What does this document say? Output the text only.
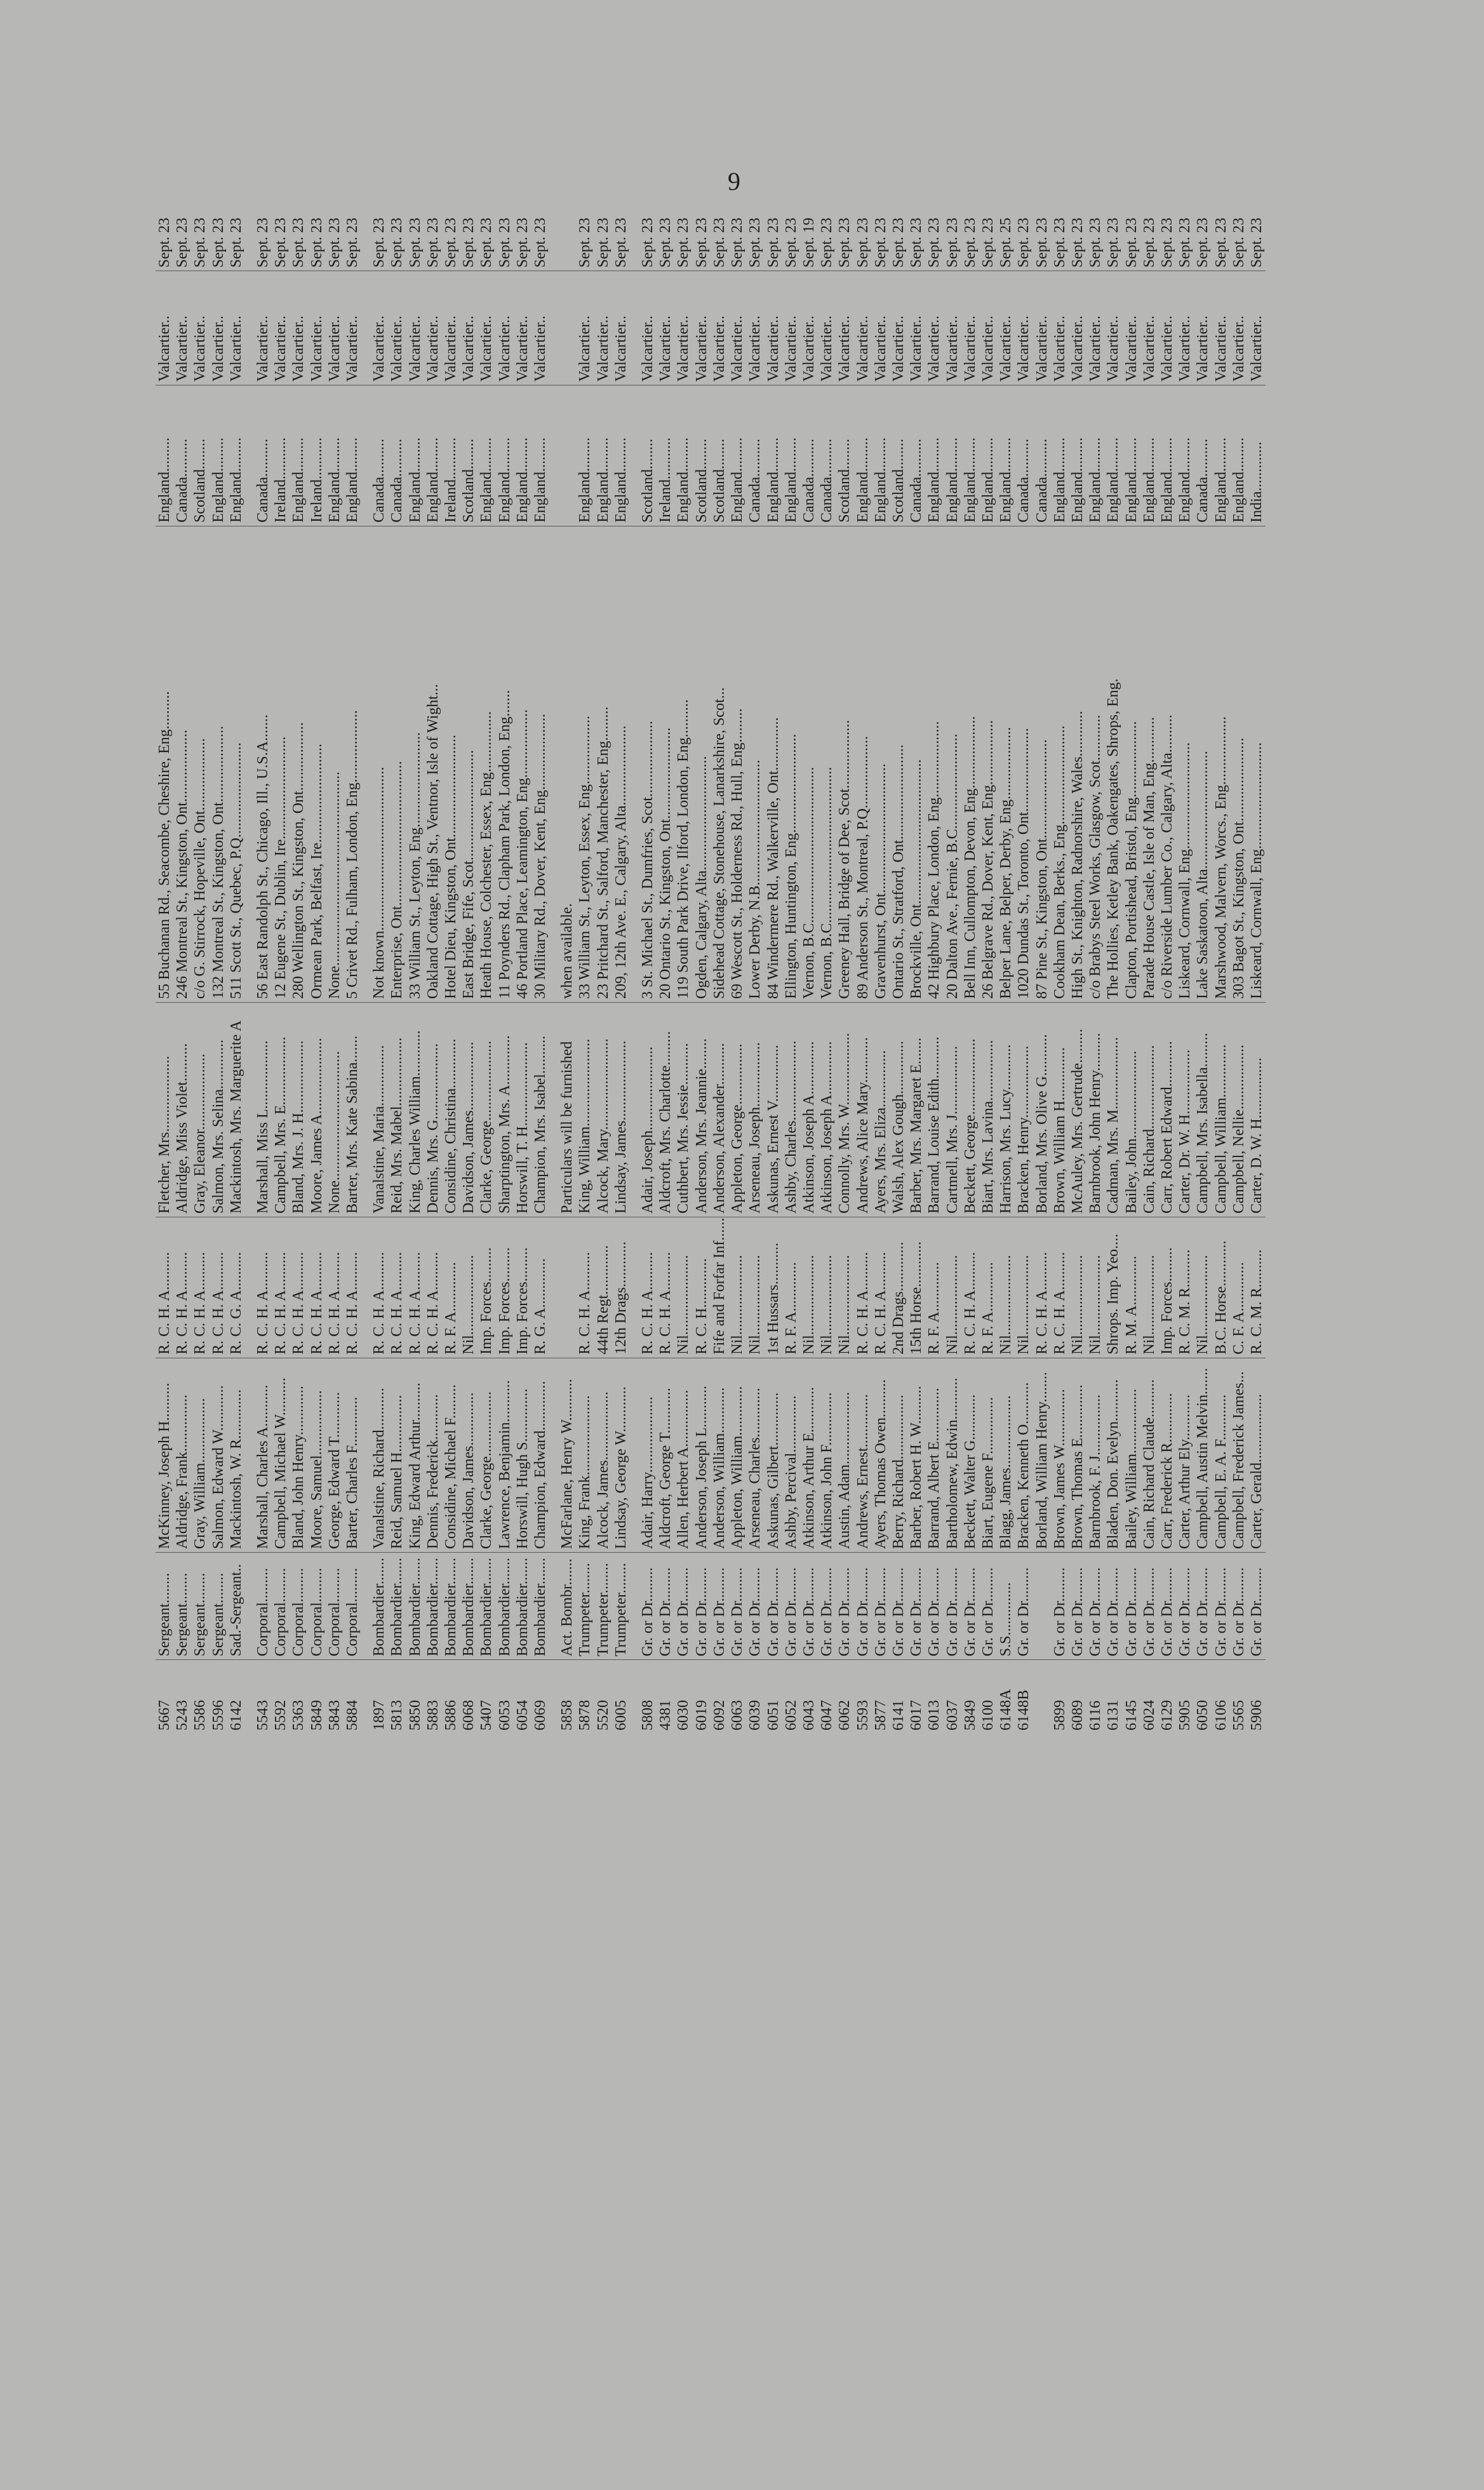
9
5667	Sergeant........	McKinney, Joseph H..........	R. C. H. A..........	Fletcher, Mrs....................	55 Buchanan Rd., Seacombe, Cheshire, Eng..........	England.........	Valcartier..	Sept. 23
5243	Sergeant........	Aldridge, Frank...............	R. C. H. A..........	Aldridge, Miss Violet..........	246 Montreal St., Kingston, Ont...................	Canada..........	Valcartier..	Sept. 23
5586	Sergeant........	Gray, William.................	R. C. H. A..........	Gray, Eleanor....................	c/o G. Stirrock, Hopeville, Ont...................	Scotland........	Valcartier..	Sept. 23
5596	Sergeant........	Salmon, Edward W............	R. C. H. A..........	Salmon, Mrs. Selina.............	132 Montreal St., Kingston, Ont....................	England.........	Valcartier..	Sept. 23
6142	Sad.-Sergeant..	Mackintosh, W. R.............	R. C. G. A..........	Mackintosh, Mrs. Marguerite A	511 Scott St., Quebec, P.Q.........................	England.........	Valcartier..	Sept. 23
5543	Corporal.........	Marshall, Charles A...........	R. C. H. A..........	Marshall, Miss L..................	56 East Randolph St., Chicago, Ill., U.S.A.......	Canada..........	Valcartier..	Sept. 23
5592	Corporal.........	Campbell, Michael W..........	R. C. H. A..........	Campbell, Mrs. E..................	12 Eugene St., Dublin, Ire...........................	Ireland...........	Valcartier..	Sept. 23
5363	Corporal.........	Bland, John Henry.............	R. C. H. A..........	Bland, Mrs. J. H...................	280 Wellington St., Kingston, Ont..................	England.........	Valcartier..	Sept. 23
5849	Corporal.........	Moore, Samuel.................	R. C. H. A..........	Moore, James A....................	Ormean Park, Belfast, Ire..........................	Ireland...........	Valcartier..	Sept. 23
5843	Corporal.........	George, Edward T............	R. C. H. A..........	None..................................	None...................................................	England.........	Valcartier..	Sept. 23
5884	Corporal.........	Barter, Charles F.............	R. C. H. A..........	Barter, Mrs. Kate Sabina.......	5 Crivet Rd., Fulham, London, Eng...................	England.........	Valcartier..	Sept. 23
1897	Bombardier.......	Vanalstine, Richard...........	R. C. H. A..........	Vanalstine, Maria................	Not known...........................................	Canada..........	Valcartier..	Sept. 23
5813	Bombardier.......	Reid, Samuel H...............	R. C. H. A..........	Reid, Mrs. Mabel..................	Enterprise, Ont......................................	Canada..........	Valcartier..	Sept. 23
5850	Bombardier.......	King, Edward Arthur..........	R. C. H. A..........	King, Charles William............	33 William St., Leyton, Eng.........................	England.........	Valcartier..	Sept. 23
5883	Bombardier.......	Dennis, Frederick............	R. C. H. A..........	Dennis, Mrs. G....................	Oakland Cottage, High St., Ventnor, Isle of Wight...	England.........	Valcartier..	Sept. 23
5886	Bombardier.......	Considine, Michael F.........	R. F. A.............	Considine, Christina.............	Hotel Dieu, Kingston, Ont...........................	Ireland...........	Valcartier..	Sept. 23
6068	Bombardier.......	Davidson, James..............	Nil.....................	Davidson, James..................	East Bridge, Fife, Scot.............................	Scotland........	Valcartier..	Sept. 23
5407	Bombardier.......	Clarke, George.................	Imp. Forces.........	Clarke, George.....................	Heath House, Colchester, Essex, Eng................	England.........	Valcartier..	Sept. 23
6053	Bombardier.......	Lawrence, Benjamin...........	Imp. Forces.........	Sharptington, Mrs. A.............	11 Poynders Rd., Clapham Park, London, Eng.......	England.........	Valcartier..	Sept. 23
6054	Bombardier.......	Horswill, Hugh S..............	Imp. Forces.........	Horswill, T. H......................	46 Portland Place, Leamington, Eng..................	England.........	Valcartier..	Sept. 23
6069	Bombardier.......	Champion, Edward.............	R. G. A.............	Champion, Mrs. Isabel..........	30 Military Rd., Dover, Kent, Eng....................	England.........	Valcartier..	Sept. 23
5858	Act. Bombr.......	McFarlane, Henry W...........		Particulars will be furnished	when available.			
5878	Trumpeter........	King, Frank.....................	R. C. H. A..........	King, William.......................	33 William St., Leyton, Essex, Eng..................	England.........	Valcartier..	Sept. 23
5520	Trumpeter........	Alcock, James..................	44th Regt.............	Alcock, Mary........................	23 Pritchard St., Salford, Manchester, Eng.........	England.........	Valcartier..	Sept. 23
6005	Trumpeter........	Lindsay, George W............	12th Drags............	Lindsay, James.....................	209, 12th Ave. E., Calgary, Alta.....................	England.........	Valcartier..	Sept. 23
5808	Gr. or Dr.........	Adair, Harry....................	R. C. H. A..........	Adair, Joseph......................	3 St. Michael St., Dumfries, Scot....................	Scotland........	Valcartier..	Sept. 23
4381	Gr. or Dr.........	Aldcroft, George T............	R. C. H. A..........	Aldcroft, Mrs. Charlotte.........	20 Ontario St., Kingston, Ont........................	Ireland...........	Valcartier..	Sept. 23
6030	Gr. or Dr.........	Allen, Herbert A...............	Nil.....................	Cuthbert, Mrs. Jessie...........	119 South Park Drive, Ilford, London, Eng..........	England.........	Valcartier..	Sept. 23
6019	Gr. or Dr.........	Anderson, Joseph L...........	R. C. H.............	Anderson, Mrs. Jeannie........	Ogden, Calgary, Alta..............................	Scotland........	Valcartier..	Sept. 23
6092	Gr. or Dr.........	Anderson, William............	Fife and Forfar Inf......	Anderson, Alexander...........	Sidehead Cottage, Stonehouse, Lanarkshire, Scot...	Scotland........	Valcartier..	Sept. 23
6063	Gr. or Dr.........	Appleton, William.............	Nil.....................	Appleton, George................	69 Wescott St., Holderness Rd., Hull, Eng.........	England.........	Valcartier..	Sept. 23
6039	Gr. or Dr.........	Arseneau, Charles.............	Nil.....................	Arseneau, Joseph.................	Lower Derby, N.B.................................	Canada..........	Valcartier..	Sept. 23
6051	Gr. or Dr.........	Askunas, Gilbert..............	1st Hussars...........	Askunas, Ernest V...............	84 Windermere Rd., Walkerville, Ont..............	England.........	Valcartier..	Sept. 23
6052	Gr. or Dr.........	Ashby, Percival...............	R. F. A.............	Ashby, Charles.....................	Ellington, Huntington, Eng..........................	England.........	Valcartier..	Sept. 23
6043	Gr. or Dr.........	Atkinson, Arthur E............	Nil.....................	Atkinson, Joseph A..............	Vernon, B.C.........................................	Canada..........	Valcartier..	Sept. 19
6047	Gr. or Dr.........	Atkinson, John F..............	Nil.....................	Atkinson, Joseph A..............	Vernon, B.C.........................................	Canada..........	Valcartier..	Sept. 23
6062	Gr. or Dr.........	Austin, Adam...................	Nil.....................	Connolly, Mrs. W...................	Greeney Hall, Bridge of Dee, Scot..................	Scotland........	Valcartier..	Sept. 23
5593	Gr. or Dr.........	Andrews, Ernest..............	R. C. H. A..........	Andrews, Alice Mary............	89 Anderson St., Montreal, P.Q...................	England.........	Valcartier..	Sept. 23
5877	Gr. or Dr.........	Ayers, Thomas Owen..........	R. C. H. A..........	Ayers, Mrs. Eliza...............	Gravenhurst, Ont..................................	England.........	Valcartier..	Sept. 23
6141	Gr. or Dr.........	Berry, Richard.................	2nd Drags.............	Walsh, Alex Gough..............	Ontario St., Stratford, Ont.........................	Scotland........	Valcartier..	Sept. 23
6017	Gr. or Dr.........	Barber, Robert H. W..........	15th Horse............	Barber, Mrs. Margaret E.......	Brockville, Ont......................................	Canada..........	Valcartier..	Sept. 23
6013	Gr. or Dr.........	Barrand, Albert E..............	R. F. A.............	Barrand, Louise Edith...........	42 Highbury Place, London, Eng....................	England.........	Valcartier..	Sept. 23
6037	Gr. or Dr.........	Bartholomew, Edwin...........	Nil.....................	Cartmell, Mrs. J..................	20 Dalton Ave., Fernie, B.C.........................	England.........	Valcartier..	Sept. 23
5849	Gr. or Dr.........	Beckett, Walter G............	R. C. H. A..........	Beckett, George....................	Bell Inn, Cullompton, Devon, Eng...................	England.........	Valcartier..	Sept. 23
6100	Gr. or Dr.........	Biart, Eugene F...............	R. F. A.............	Biart, Mrs. Lavina................	26 Belgrave Rd., Dover, Kent, Eng.................	England.........	Valcartier..	Sept. 23
6148A	S.S..............	Blagg, James...................	Nil.....................	Harrison, Mrs. Lucy............	Belper Lane, Belper, Derby, Eng...................	England.........	Valcartier..	Sept. 25
6148B	Gr. or Dr.........	Bracken, Kenneth O...........	Nil.....................	Bracken, Henry...................	1020 Dundas St., Toronto, Ont......................	Canada..........	Valcartier..	Sept. 23
		Borland, William Henry........	R. C. H. A..........	Borland, Mrs. Olive G...........	87 Pine St., Kingston, Ont..........................	Canada..........	Valcartier..	Sept. 23
5899	Gr. or Dr.........	Brown, James W...............	R. C. H. A..........	Brown, William H..............	Cookham Dean, Berks., Eng..........................	England.........	Valcartier..	Sept. 23
6089	Gr. or Dr.........	Brown, Thomas E..............	Nil.....................	McAuley, Mrs. Gertrude.........	High St., Knighton, Radnorshire, Wales............	England.........	Valcartier..	Sept. 23
6116	Gr. or Dr.........	Barnbrook, F. J................	Nil.....................	Barnbrook, John Henry..........	c/o Brabys Steel Works, Glasgow, Scot............	England.........	Valcartier..	Sept. 23
6131	Gr. or Dr.........	Bladen, Don. Evelyn...........	Shrops. Imp. Yeo....	Cadman, Mrs. M...................	The Hollies, Ketley Bank, Oakengates, Shrops, Eng.	England.........	Valcartier..	Sept. 23
6145	Gr. or Dr.........	Bailey, William.................	R. M. A.............	Bailey, John.......................	Clapton, Portishead, Bristol, Eng....................	England.........	Valcartier..	Sept. 23
6024	Gr. or Dr.........	Cain, Richard Claude..........	Nil.....................	Cain, Richard......................	Parade House Castle, Isle of Man, Eng............	England.........	Valcartier..	Sept. 23
6129	Gr. or Dr.........	Carr, Frederick R.............	Imp. Forces.........	Carr, Robert Edward............	c/o Riverside Lumber Co., Calgary, Alta..........	England.........	Valcartier..	Sept. 23
5905	Gr. or Dr.........	Carter, Arthur Ely............	R. C. M. R..........	Carter, Dr. W. H.................	Liskeard, Cornwall, Eng............................	England.........	Valcartier..	Sept. 23
6050	Gr. or Dr.........	Campbell, Austin Melvin.......	Nil.....................	Campbell, Mrs. Isabella.........	Lake Saskatoon, Alta...............................	Canada..........	Valcartier..	Sept. 23
6106	Gr. or Dr.........	Campbell, E. A. F............	B.C. Horse............	Campbell, William..............	Marshwood, Malvern, Worcs., Eng..................	England.........	Valcartier..	Sept. 23
5565	Gr. or Dr.........	Campbell, Frederick James...	C. F. A.............	Campbell, Nellie.................	303 Bagot St., Kingston, Ont......................	England.........	Valcartier..	Sept. 23
5906	Gr. or Dr.........	Carter, Gerald..................	R. C. M. R..........	Carter, D. W. H................	Liskeard, Cornwall, Eng............................	India.............	Valcartier..	Sept. 23
